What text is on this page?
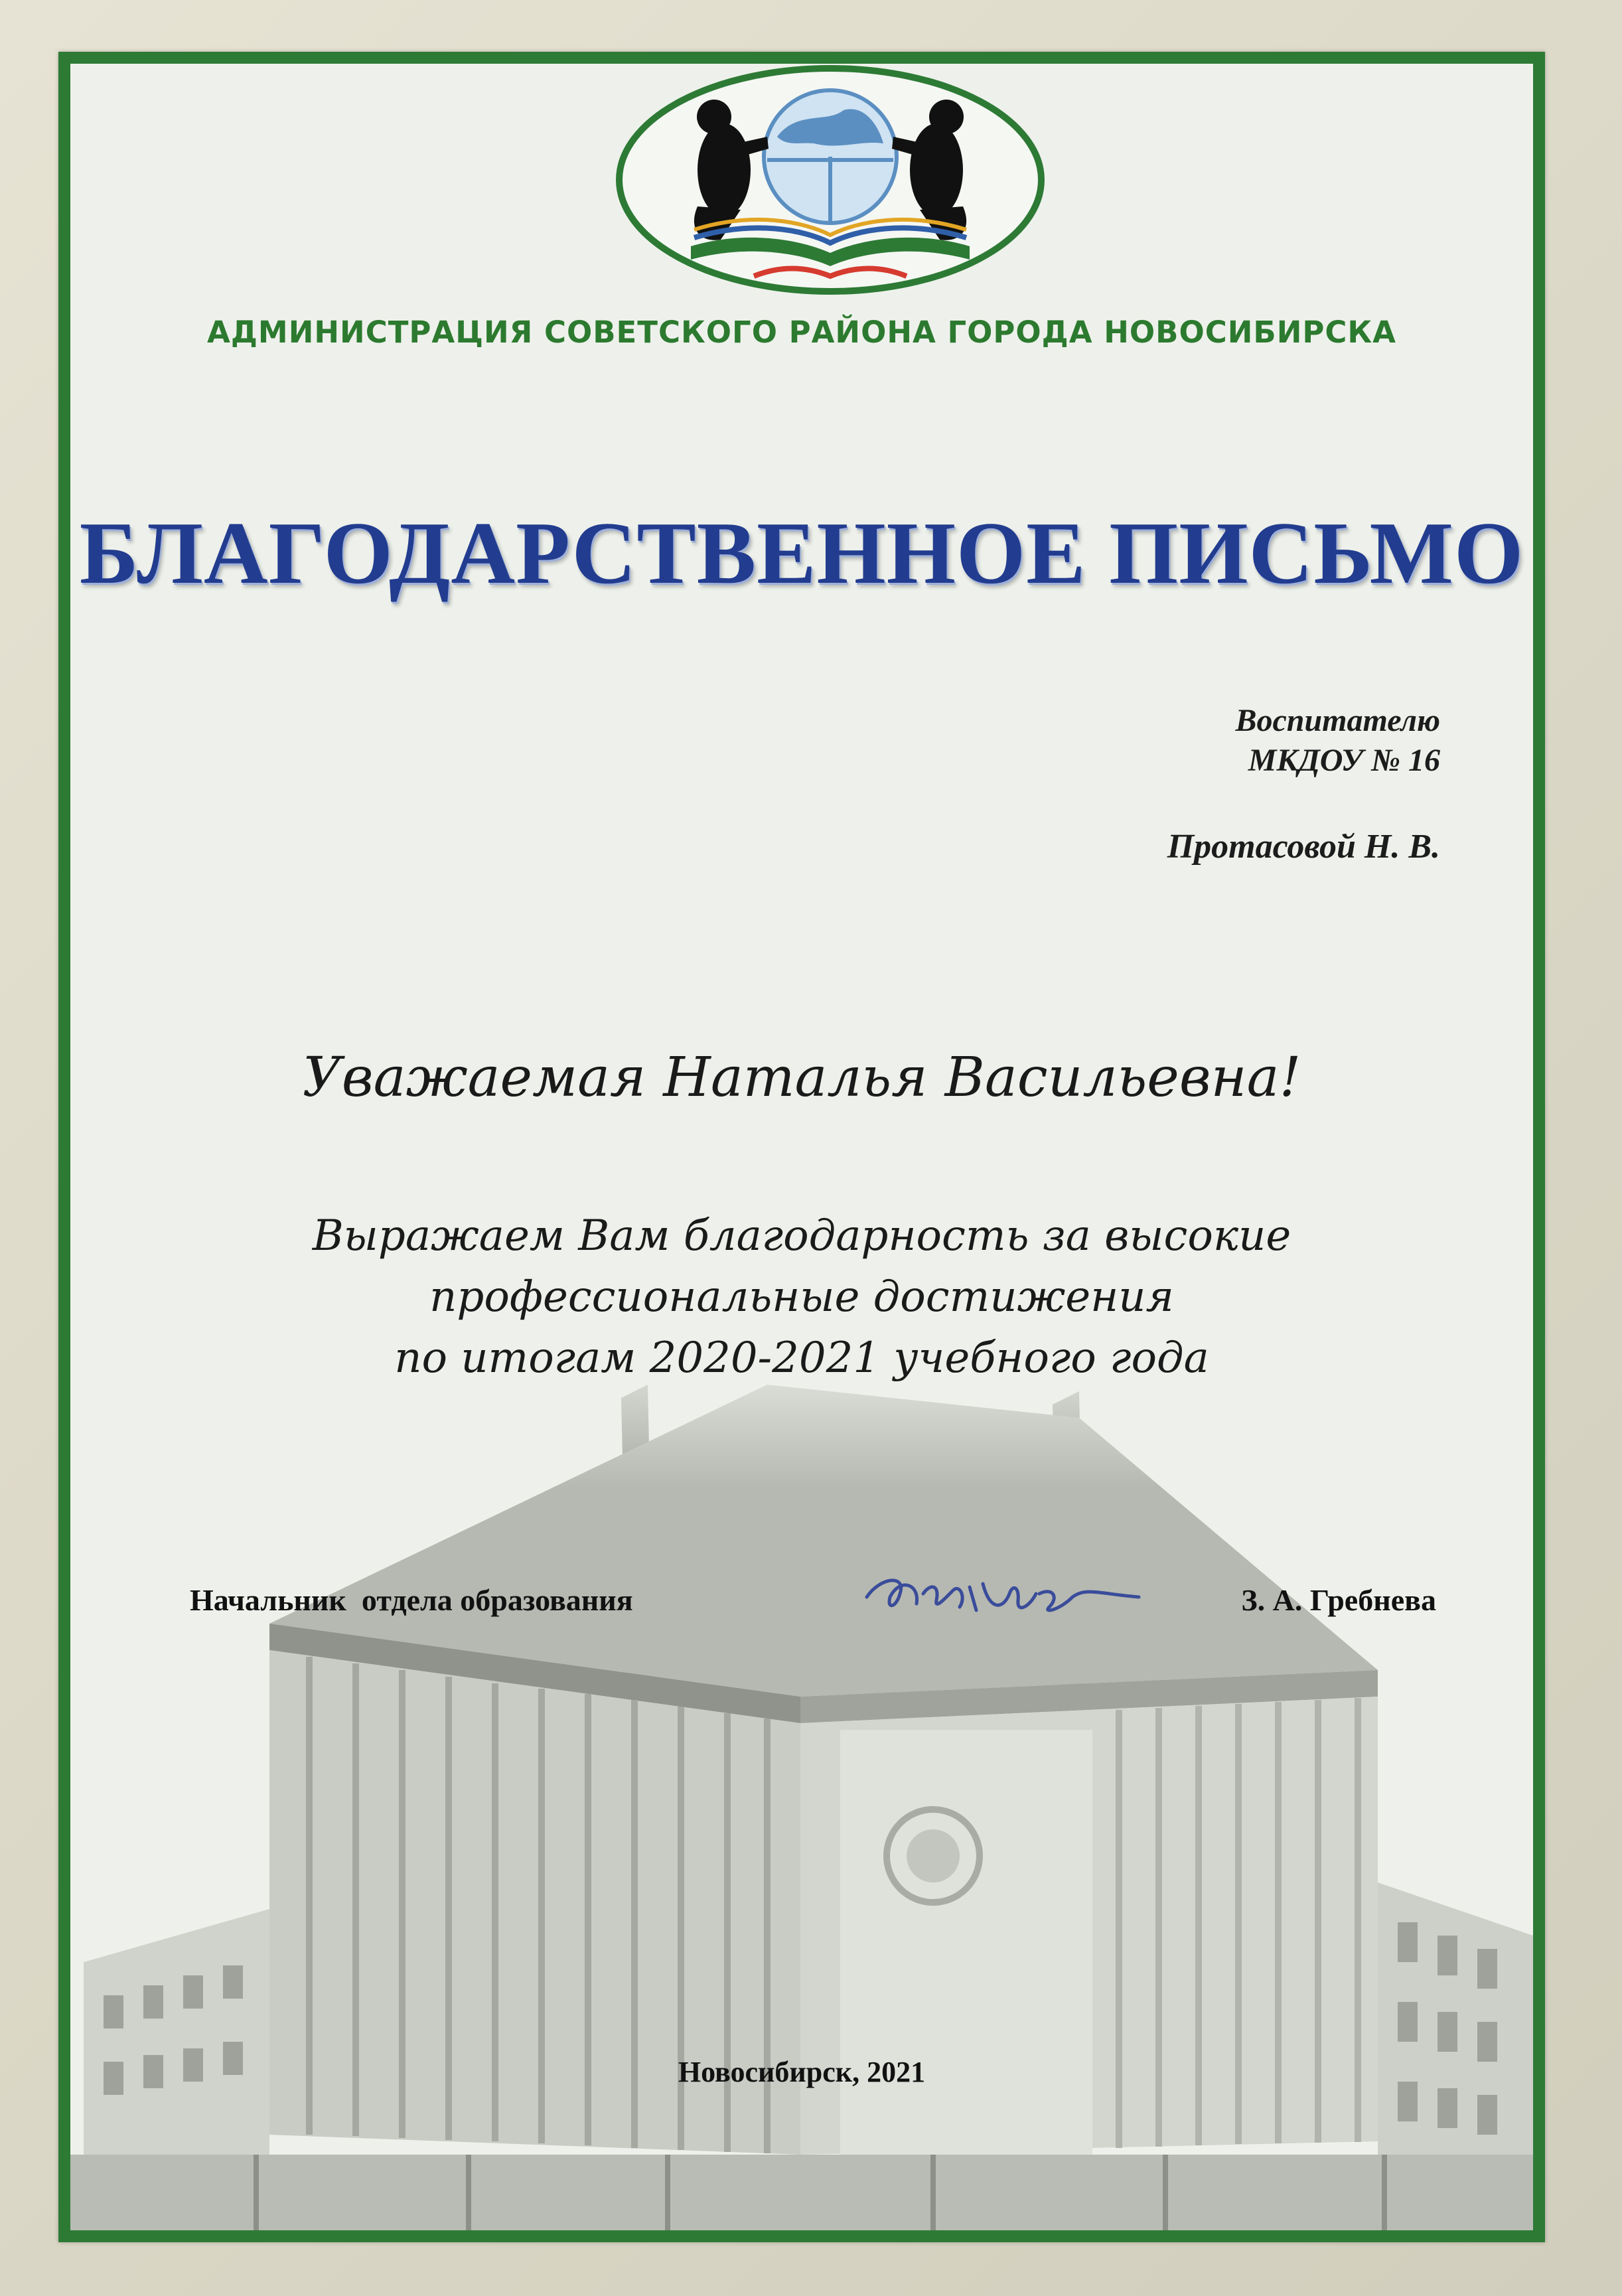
АДМИНИСТРАЦИЯ СОВЕТСКОГО РАЙОНА ГОРОДА НОВОСИБИРСКА
БЛАГОДАРСТВЕННОЕ ПИСЬМО
Воспитателю
МКДОУ № 16
Протасовой Н. В.
Уважаемая Наталья Васильевна!
Выражаем Вам благодарность за высокие
профессиональные достижения
по итогам 2020-2021 учебного года
Начальник  отдела образования	З. А. Гребнева
Новосибирск, 2021
